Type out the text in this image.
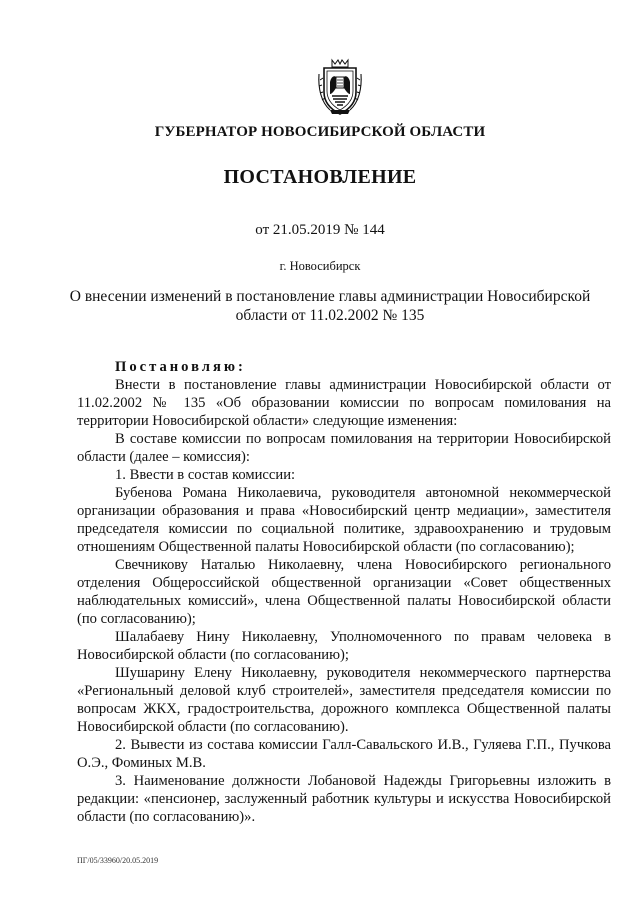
ГУБЕРНАТОР НОВОСИБИРСКОЙ ОБЛАСТИ
ПОСТАНОВЛЕНИЕ
от 21.05.2019 № 144
г. Новосибирск
О внесении изменений в постановление главы администрации Новосибирской области от 11.02.2002 № 135

Постановляю:

Внести в постановление главы администрации Новосибирской области от 11.02.2002 № 135 «Об образовании комиссии по вопросам помилования на территории Новосибирской области» следующие изменения:

В составе комиссии по вопросам помилования на территории Новосибирской области (далее – комиссия):

1. Ввести в состав комиссии:

Бубенова Романа Николаевича, руководителя автономной некоммерческой организации образования и права «Новосибирский центр медиации», заместителя председателя комиссии по социальной политике, здравоохранению и трудовым отношениям Общественной палаты Новосибирской области (по согласованию);

Свечникову Наталью Николаевну, члена Новосибирского регионального отделения Общероссийской общественной организации «Совет общественных наблюдательных комиссий», члена Общественной палаты Новосибирской области (по согласованию);

Шалабаеву Нину Николаевну, Уполномоченного по правам человека в Новосибирской области (по согласованию);

Шушарину Елену Николаевну, руководителя некоммерческого партнерства «Региональный деловой клуб строителей», заместителя председателя комиссии по вопросам ЖКХ, градостроительства, дорожного комплекса Общественной палаты Новосибирской области (по согласованию).

2. Вывести из состава комиссии Галл-Савальского И.В., Гуляева Г.П., Пучкова О.Э., Фоминых М.В.

3. Наименование должности Лобановой Надежды Григорьевны изложить в редакции: «пенсионер, заслуженный работник культуры и искусства Новосибирской области (по согласованию)».

ПГ/05/33960/20.05.2019
